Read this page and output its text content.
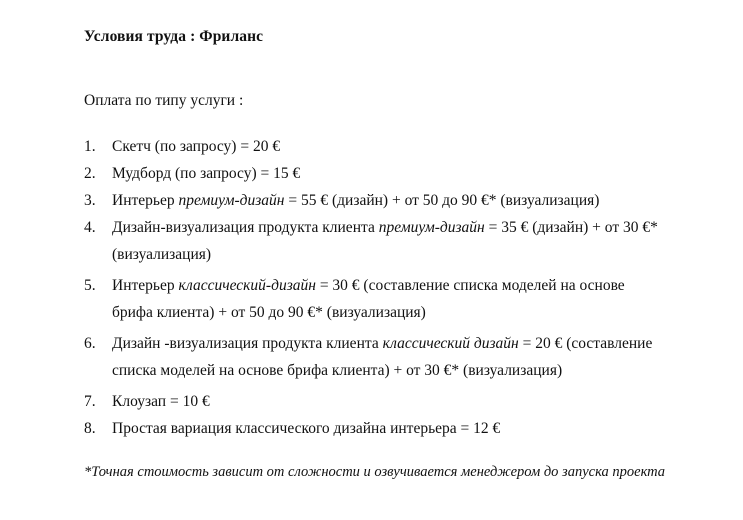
Условия труда : Фриланс
Оплата по типу услуги :
1. Скетч (по запросу) = 20 €
2. Мудборд (по запросу) = 15 €
3. Интерьер премиум-дизайн = 55 € (дизайн) + от 50 до 90 €* (визуализация)
4. Дизайн-визуализация продукта клиента премиум-дизайн = 35 € (дизайн) + от 30 €*
(визуализация)
5. Интерьер классический-дизайн = 30 € (составление списка моделей на основе
брифа клиента) + от 50 до 90 €* (визуализация)
6. Дизайн -визуализация продукта клиента классический дизайн = 20 € (составление
списка моделей на основе брифа клиента) + от 30 €* (визуализация)
7. Клоузап = 10 €
8. Простая вариация классического дизайна интерьера = 12 €
*Точная стоимость зависит от сложности и озвучивается менеджером до запуска проекта
